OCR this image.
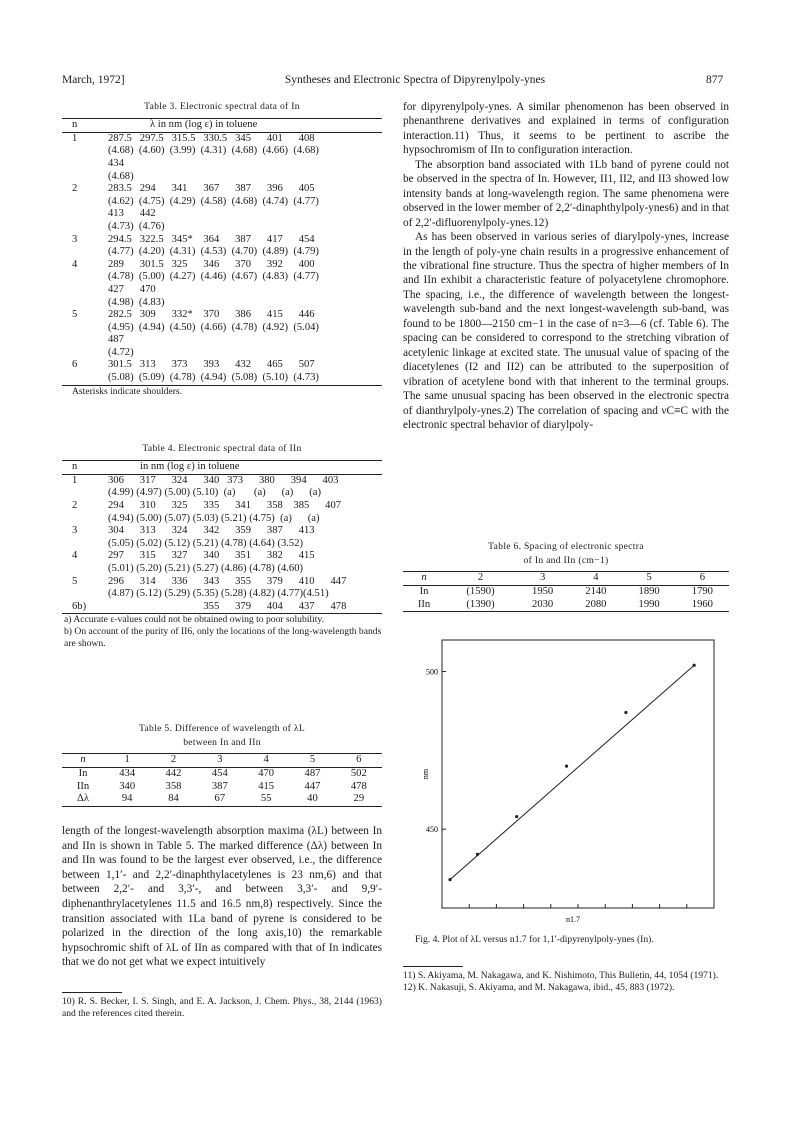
March, 1972]	Syntheses and Electronic Spectra of Dipyrenylpoly-ynes	877
Table 3. Electronic spectral data of In
n	λ in nm (log ε) in toluene
1	287.5   297.5   315.5   330.5   345      401      408
(4.68)  (4.60)  (3.99)  (4.31)  (4.68)  (4.66)  (4.68)
434
(4.68)
2	283.5   294      341      367      387      396      405
(4.62)  (4.75)  (4.29)  (4.58)  (4.68)  (4.74)  (4.77)
413      442
(4.73)  (4.76)
3	294.5   322.5   345*    364      387      417      454
(4.77)  (4.20)  (4.31)  (4.53)  (4.70)  (4.89)  (4.79)
4	289      301.5   325      346      370      392      400
(4.78)  (5.00)  (4.27)  (4.46)  (4.67)  (4.83)  (4.77)
427      470
(4.98)  (4.83)
5	282.5   309      332*    370      386      415      446
(4.95)  (4.94)  (4.50)  (4.66)  (4.78)  (4.92)  (5.04)
487
(4.72)
6	301.5   313      373      393      432      465      507
(5.08)  (5.09)  (4.78)  (4.94)  (5.08)  (5.10)  (4.73)
Asterisks indicate shoulders.
Table 4. Electronic spectral data of IIn
n	in nm (log ε) in toluene
1	306      317      324      340   373      380      394      403
(4.99) (4.97) (5.00) (5.10)  (a)       (a)      (a)      (a)
2	294      310      325      335      341      358    385      407
(4.94) (5.00) (5.07) (5.03) (5.21) (4.75)  (a)      (a)
3	304      313      324      342      359      387      413
(5.05) (5.02) (5.12) (5.21) (4.78) (4.64) (3.52)
4	297      315      327      340      351      382      415
(5.01) (5.20) (5.21) (5.27) (4.86) (4.78) (4.60)
5	296      314      336      343      355      379      410      447
(4.87) (5.12) (5.29) (5.35) (5.28) (4.82) (4.77)(4.51)
6b)	355      379      404      437      478
a) Accurate ε-values could not be obtained owing to poor solubility.
b) On account of the purity of II6, only the locations of the long-wavelength bands are shown.
Table 5. Difference of wavelength of λL
between In and IIn
n	1	2	3	4	5	6
In	434	442	454	470	487	502
IIn	340	358	387	415	447	478
Δλ	94	84	67	55	40	29

length of the longest-wavelength absorption maxima (λL) between In and IIn is shown in Table 5. The marked difference (Δλ) between In and IIn was found to be the largest ever observed, i.e., the difference between 1,1′- and 2,2′-dinaphthylacetylenes is 23 nm,6) and that between 2,2′- and 3,3′-, and between 3,3′- and 9,9′-diphenanthrylacetylenes 11.5 and 16.5 nm,8) respectively. Since the transition associated with 1La band of pyrene is considered to be polarized in the direction of the long axis,10) the remarkable hypsochromic shift of λL of IIn as compared with that of In indicates that we do not get what we expect intuitively

10) R. S. Becker, I. S. Singh, and E. A. Jackson, J. Chem. Phys., 38, 2144 (1963) and the references cited therein.

for dipyrenylpoly-ynes. A similar phenomenon has been observed in phenanthrene derivatives and explained in terms of configuration interaction.11) Thus, it seems to be pertinent to ascribe the hypsochromism of IIn to configuration interaction.

The absorption band associated with 1Lb band of pyrene could not be observed in the spectra of In. However, II1, II2, and II3 showed low intensity bands at long-wavelength region. The same phenomena were observed in the lower member of 2,2′-dinaphthylpoly-ynes6) and in that of 2,2′-difluorenylpoly-ynes.12)

As has been observed in various series of diarylpoly-ynes, increase in the length of poly-yne chain results in a progressive enhancement of the vibrational fine structure. Thus the spectra of higher members of In and IIn exhibit a characteristic feature of polyacetylene chromophore. The spacing, i.e., the difference of wavelength between the longest-wavelength sub-band and the next longest-wavelength sub-band, was found to be 1800—2150 cm−1 in the case of n=3—6 (cf. Table 6). The spacing can be considered to correspond to the stretching vibration of acetylenic linkage at excited state. The unusual value of spacing of the diacetylenes (I2 and II2) can be attributed to the superposition of vibration of acetylene bond with that inherent to the terminal groups. The same unusual spacing has been observed in the electronic spectra of dianthrylpoly-ynes.2) The correlation of spacing and νC≡C with the electronic spectral behavior of diarylpoly-

Table 6. Spacing of electronic spectra
of In and IIn (cm−1)
n	2	3	4	5	6
In	(1590)	1950	2140	1890	1790
IIn	(1390)	2030	2080	1990	1960
450
500
nm
n1.7

Fig. 4. Plot of λL versus n1.7 for 1,1′-dipyrenylpoly-ynes (In).

11) S. Akiyama, M. Nakagawa, and K. Nishimoto, This Bulletin, 44, 1054 (1971).

12) K. Nakasuji, S. Akiyama, and M. Nakagawa, ibid., 45, 883 (1972).
